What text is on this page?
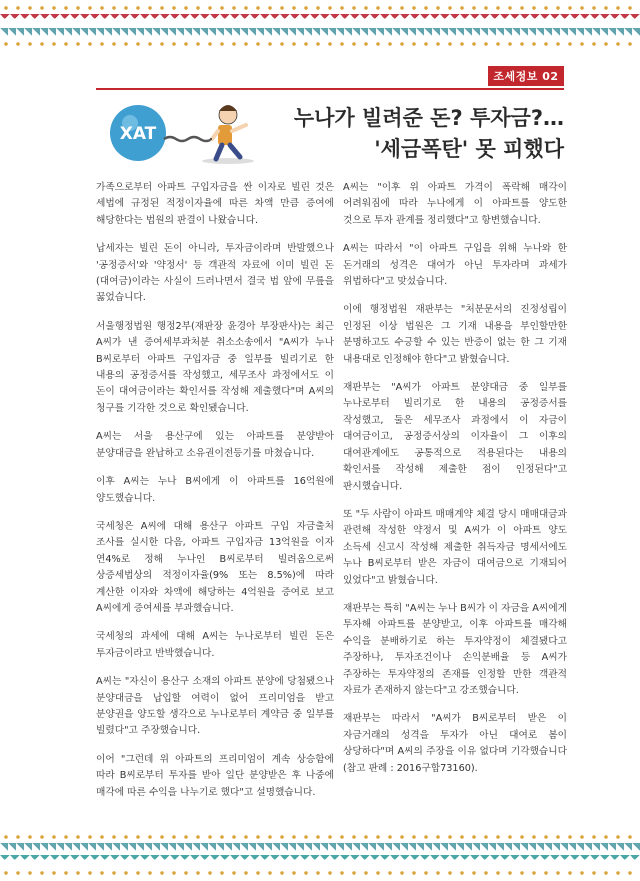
조세정보 02
XAT
누나가 빌려준 돈? 투자금?…
'세금폭탄' 못 피했다

가족으로부터 아파트 구입자금을 싼 이자로 빌린 것은 세법에 규정된 적정이자율에 따른 차액 만큼 증여에 해당한다는 법원의 판결이 나왔습니다.

납세자는 빌린 돈이 아니라, 투자금이라며 반발했으나 '공정증서'와 '약정서' 등 객관적 자료에 이미 빌린 돈(대여금)이라는 사실이 드러나면서 결국 법 앞에 무릎을 꿇었습니다.

서울행정법원 행정2부(재판장 윤경아 부장판사)는 최근 A씨가 낸 증여세부과처분 취소소송에서 "A씨가 누나 B씨로부터 아파트 구입자금 중 일부를 빌리기로 한 내용의 공정증서를 작성했고, 세무조사 과정에서도 이 돈이 대여금이라는 확인서를 작성해 제출했다"며 A씨의 청구를 기각한 것으로 확인됐습니다.

A씨는 서울 용산구에 있는 아파트를 분양받아 분양대금을 완납하고 소유권이전등기를 마쳤습니다.

이후 A씨는 누나 B씨에게 이 아파트를 16억원에 양도했습니다.

국세청은 A씨에 대해 용산구 아파트 구입 자금출처 조사를 실시한 다음, 아파트 구입자금 13억원을 이자 연4%로 정해 누나인 B씨로부터 빌려옴으로써 상증세법상의 적정이자율(9% 또는 8.5%)에 따라 계산한 이자와 차액에 해당하는 4억원을 증여로 보고 A씨에게 증여세를 부과했습니다.

국세청의 과세에 대해 A씨는 누나로부터 빌린 돈은 투자금이라고 반박했습니다.

A씨는 "자신이 용산구 소재의 아파트 분양에 당첨됐으나 분양대금을 납입할 여력이 없어 프리미엄을 받고 분양권을 양도할 생각으로 누나로부터 계약금 중 일부를 빌렸다"고 주장했습니다.

이어 "그런데 위 아파트의 프리미엄이 계속 상승함에 따라 B씨로부터 투자를 받아 일단 분양받은 후 나중에 매각에 따른 수익을 나누기로 했다"고 설명했습니다.

A씨는 "이후 위 아파트 가격이 폭락해 매각이 어려워짐에 따라 누나에게 이 아파트를 양도한 것으로 투자 관계를 정리했다"고 항변했습니다.

A씨는 따라서 "이 아파트 구입을 위해 누나와 한 돈거래의 성격은 대여가 아닌 투자라며 과세가 위법하다"고 맞섰습니다.

이에 행정법원 재판부는 "처분문서의 진정성립이 인정된 이상 법원은 그 기재 내용을 부인할만한 분명하고도 수긍할 수 있는 반증이 없는 한 그 기재 내용대로 인정해야 한다"고 밝혔습니다.

재판부는 "A씨가 아파트 분양대금 중 일부를 누나로부터 빌리기로 한 내용의 공정증서를 작성했고, 둘은 세무조사 과정에서 이 자금이 대여금이고, 공정증서상의 이자율이 그 이후의 대여관계에도 공통적으로 적용된다는 내용의 확인서를 작성해 제출한 점이 인정된다"고 판시했습니다.

또 "두 사람이 아파트 매매계약 체결 당시 매매대금과 관련해 작성한 약정서 및 A씨가 이 아파트 양도 소득세 신고시 작성해 제출한 취득자금 명세서에도 누나 B씨로부터 받은 자금이 대여금으로 기재되어 있었다"고 밝혔습니다.

재판부는 특히 "A씨는 누나 B씨가 이 자금을 A씨에게 투자해 아파트를 분양받고, 이후 아파트를 매각해 수익을 분배하기로 하는 투자약정이 체결됐다고 주장하나, 투자조건이나 손익분배율 등 A씨가 주장하는 투자약정의 존재를 인정할 만한 객관적 자료가 존재하지 않는다"고 강조했습니다.

재판부는 따라서 "A씨가 B씨로부터 받은 이 자금거래의 성격을 투자가 아닌 대여로 봄이 상당하다"며 A씨의 주장을 이유 없다며 기각했습니다(참고 판례 : 2016구합73160).
